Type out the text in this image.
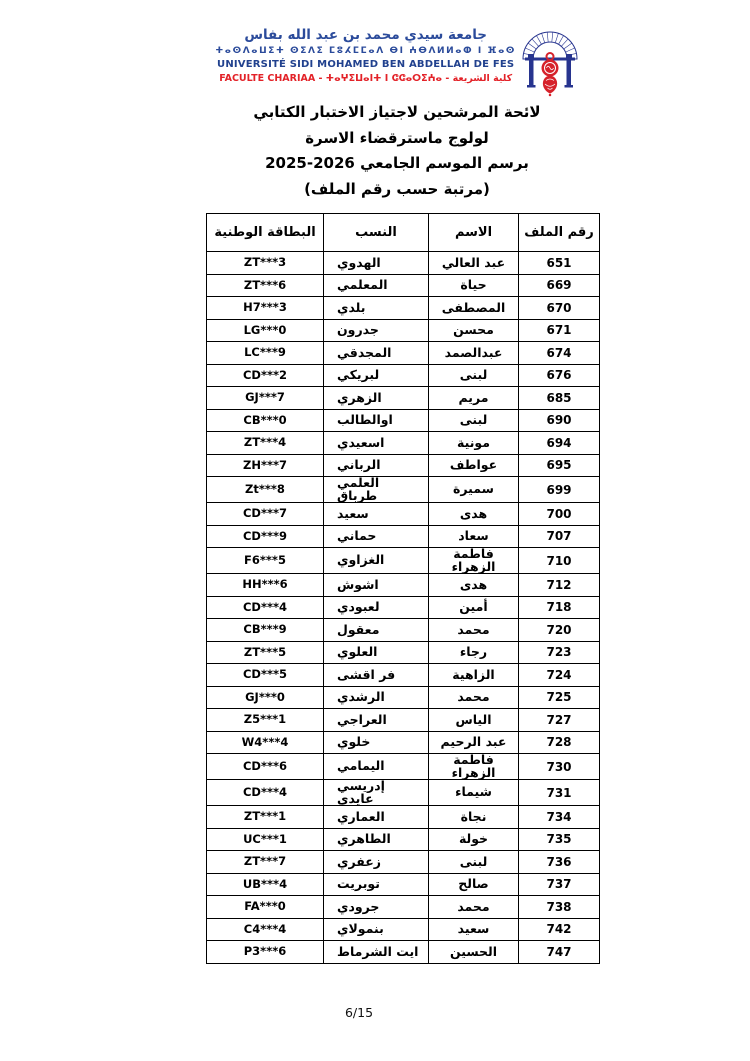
جامعة سيدي محمد بن عبد الله بفاس
ⵜⴰⵙⴷⴰⵡⵉⵜ ⵙⵉⴷⵉ ⵎⵓⵃⵎⵎⴰⴷ ⴱⵏ ⵄⴱⴷⵍⵍⴰⵀ ⵏ ⴼⴰⵙ
UNIVERSITÉ SIDI MOHAMED BEN ABDELLAH DE FES
FACULTE CHARIAA - ⵜⴰⵖⵉⵡⴰⵏⵜ ⵏ ⵛⵛⴰⵔⵉⵄⴰ - كلية الشريعة
لائحة المرشحين لاجتياز الاختبار الكتابي
لولوج ماسترقضاء الاسرة
برسم الموسم الجامعي 2026-2025
(مرتبة حسب رقم الملف)
رقم الملف	الاسم	النسب	البطاقة الوطنية
651	عبد العالي	الهدوي	ZT***3
669	حياة	المعلمي	ZT***6
670	المصطفى	بلدي	H7***3
671	محسن	جدرون	LG***0
674	عبدالصمد	المجدقي	LC***9
676	لبنى	لبريكي	CD***2
685	مريم	الزهري	GJ***7
690	لبنى	اوالطالب	CB***0
694	مونية	اسعيدي	ZT***4
695	عواطف	الرباني	ZH***7
699	سميرة	العلمي طرباق	Zt***8
700	هدى	سعيد	CD***7
707	سعاد	حماني	CD***9
710	فاطمة الزهراء	الغزاوي	F6***5
712	هدى	اشوش	HH***6
718	أمين	لعبودي	CD***4
720	محمد	معقول	CB***9
723	رجاء	العلوي	ZT***5
724	الزاهية	فر اقشى	CD***5
725	محمد	الرشدي	GJ***0
727	الياس	العراجي	Z5***1
728	عبد الرحيم	خلوي	W4***4
730	فاطمة الزهراء	اليمامي	CD***6
731	شيماء	إدريسي عايدي	CD***4
734	نجاة	العماري	ZT***1
735	خولة	الطاهري	UC***1
736	لبنى	زعفري	ZT***7
737	صالح	توبريت	UB***4
738	محمد	جرودي	FA***0
742	سعيد	بنمولاي	C4***4
747	الحسين	ايت الشرماط	P3***6
6/15
